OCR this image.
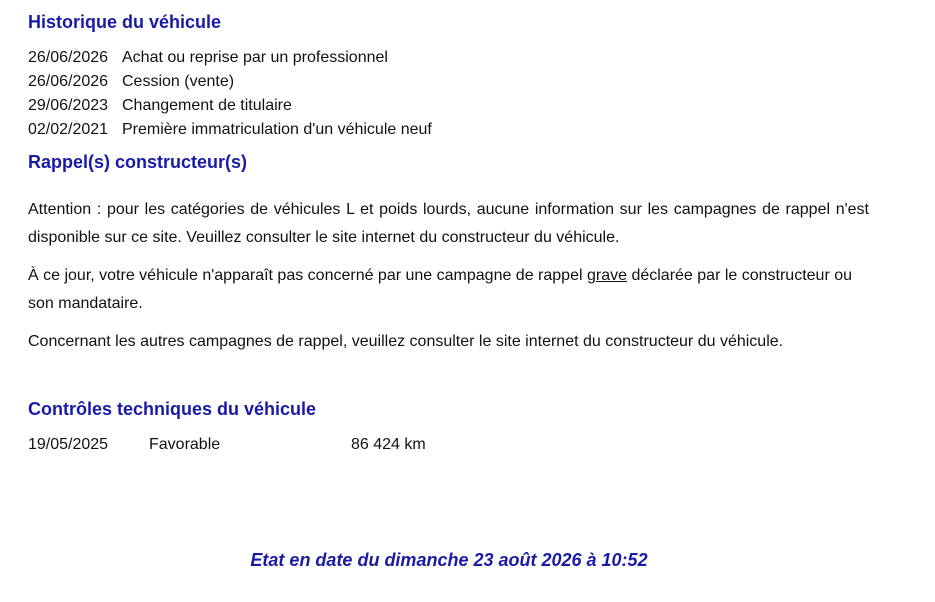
Historique du véhicule
26/06/2026 Achat ou reprise par un professionnel
26/06/2026 Cession (vente)
29/06/2023 Changement de titulaire
02/02/2021 Première immatriculation d'un véhicule neuf
Rappel(s) constructeur(s)

Attention : pour les catégories de véhicules L et poids lourds, aucune information sur les campagnes de rappel n'est disponible sur ce site. Veuillez consulter le site internet du constructeur du véhicule.

À ce jour, votre véhicule n'apparaît pas concerné par une campagne de rappel grave déclarée par le constructeur ou son mandataire.

Concernant les autres campagnes de rappel, veuillez consulter le site internet du constructeur du véhicule.

Contrôles techniques du véhicule
19/05/2025	Favorable	86 424 km
Etat en date du dimanche 23 août 2026 à 10:52
